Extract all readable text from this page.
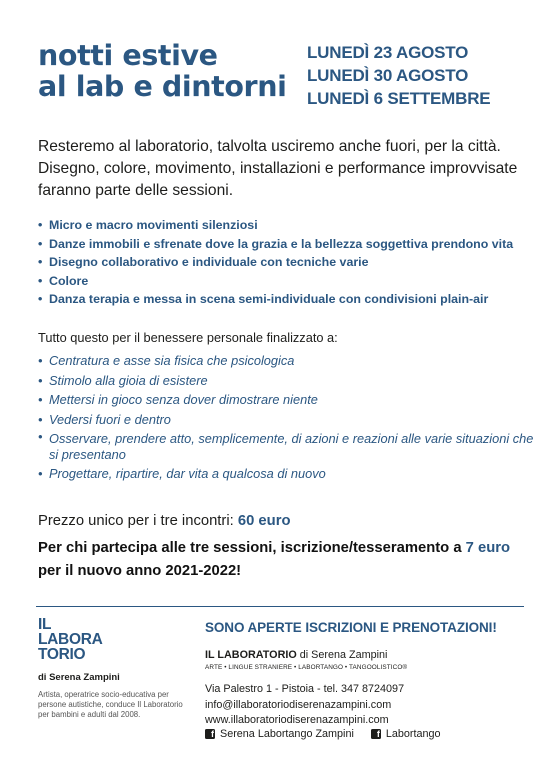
notti estive
al lab e dintorni
LUNEDÌ 23 AGOSTO
LUNEDÌ 30 AGOSTO
LUNEDÌ 6 SETTEMBRE

Resteremo al laboratorio, talvolta usciremo anche fuori, per la città. Disegno, colore, movimento, installazioni e performance improvvisate faranno parte delle sessioni.

• Micro e macro movimenti silenziosi
• Danze immobili e sfrenate dove la grazia e la bellezza soggettiva prendono vita
• Disegno collaborativo e individuale con tecniche varie
• Colore
• Danza terapia e messa in scena semi-individuale con condivisioni plain-air

Tutto questo per il benessere personale finalizzato a:

• Centratura e asse sia fisica che psicologica
• Stimolo alla gioia di esistere
• Mettersi in gioco senza dover dimostrare niente
• Vedersi fuori e dentro
• Osservare, prendere atto, semplicemente, di azioni e reazioni alle varie situazioni che si presentano
• Progettare, ripartire, dar vita a qualcosa di nuovo

Prezzo unico per i tre incontri: 60 euro

Per chi partecipa alle tre sessioni, iscrizione/tesseramento a 7 euro
per il nuovo anno 2021-2022!

IL
LABORA
TORIO
di Serena Zampini

Artista, operatrice socio-educativa per persone autistiche, conduce Il Laboratorio per bambini e adulti dal 2008.

SONO APERTE ISCRIZIONI E PRENOTAZIONI!
IL LABORATORIO di Serena Zampini
ARTE • LINGUE STRANIERE • LABORTANGO • TANGOOLISTICO®
Via Palestro 1 - Pistoia - tel. 347 8724097
info@illaboratoriodiserenazampini.com
www.illaboratoriodiserenazampini.com
f Serena Labortango Zampini
	f Labortango
